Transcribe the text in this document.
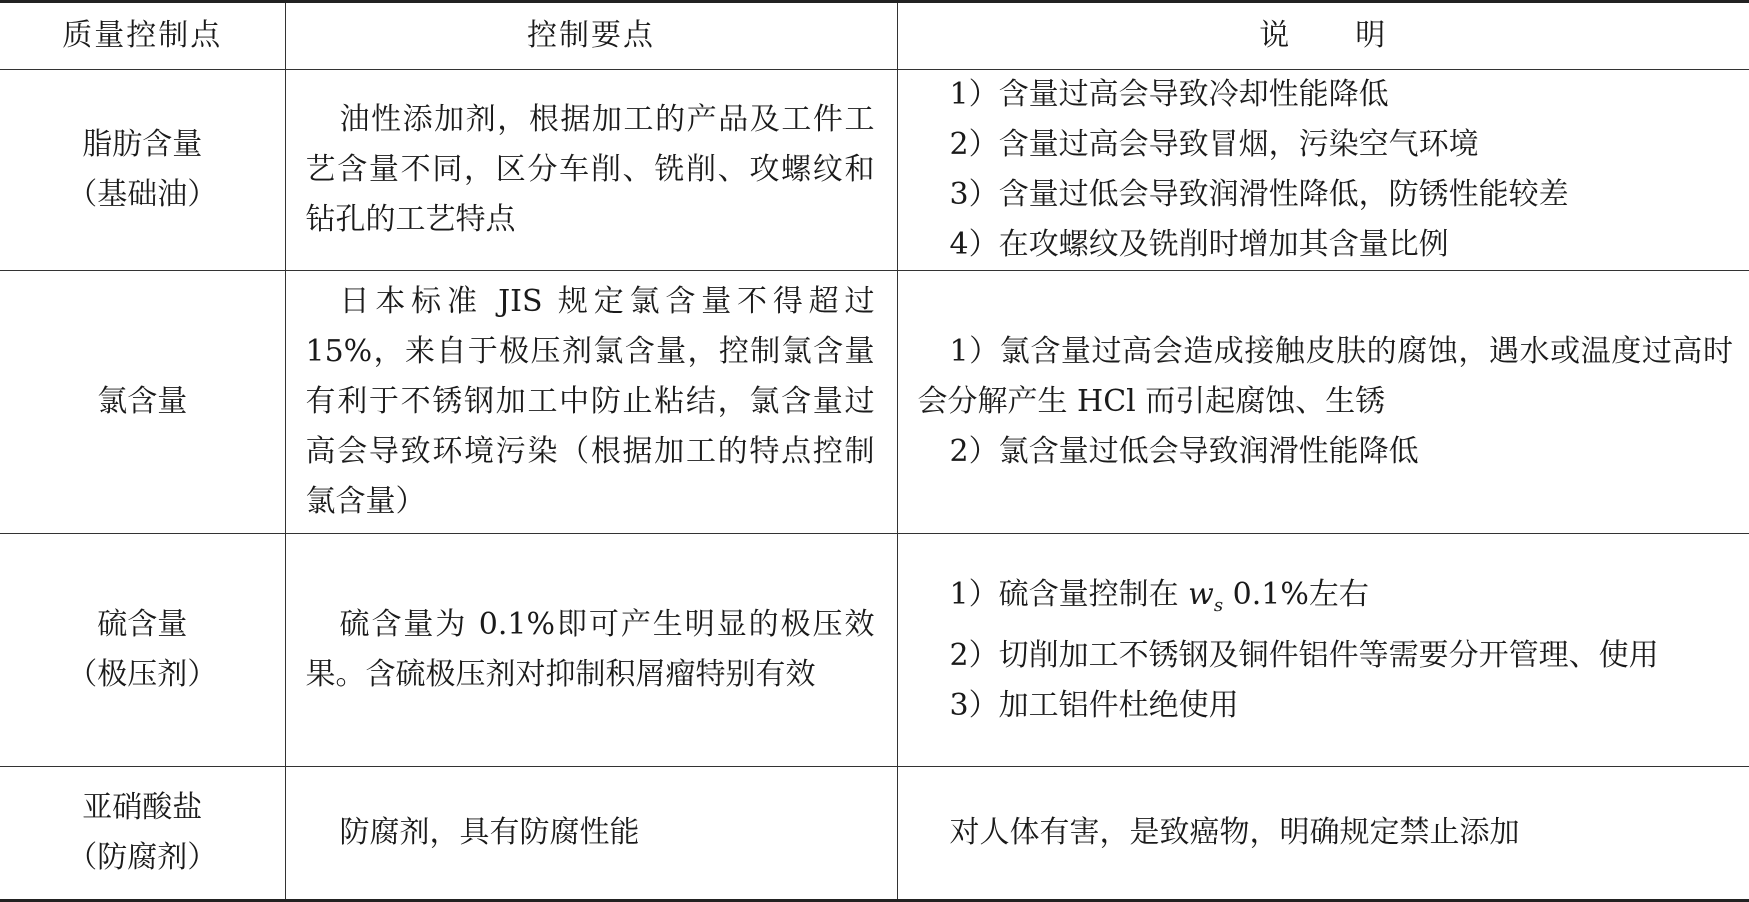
质量控制点	控制要点	说 明

脂肪含量
（基础油）	油性添加剂，根据加工的产品及工件工艺含量不同，区分车削、铣削、攻螺纹和钻孔的工艺特点	1）含量过高会导致冷却性能降低
2）含量过高会导致冒烟，污染空气环境
3）含量过低会导致润滑性降低，防锈性能较差
4）在攻螺纹及铣削时增加其含量比例

氯含量	日本标准 JIS 规定氯含量不得超过15%，来自于极压剂氯含量，控制氯含量有利于不锈钢加工中防止粘结，氯含量过高会导致环境污染（根据加工的特点控制氯含量）	1）氯含量过高会造成接触皮肤的腐蚀，遇水或温度过高时会分解产生 HCl 而引起腐蚀、生锈
2）氯含量过低会导致润滑性能降低

硫含量
（极压剂）	硫含量为 0.1%即可产生明显的极压效果。含硫极压剂对抑制积屑瘤特别有效	1）硫含量控制在 $w_s$ 0.1%左右
2）切削加工不锈钢及铜件铝件等需要分开管理、使用
3）加工铝件杜绝使用

亚硝酸盐
（防腐剂）	防腐剂，具有防腐性能	对人体有害，是致癌物，明确规定禁止添加
